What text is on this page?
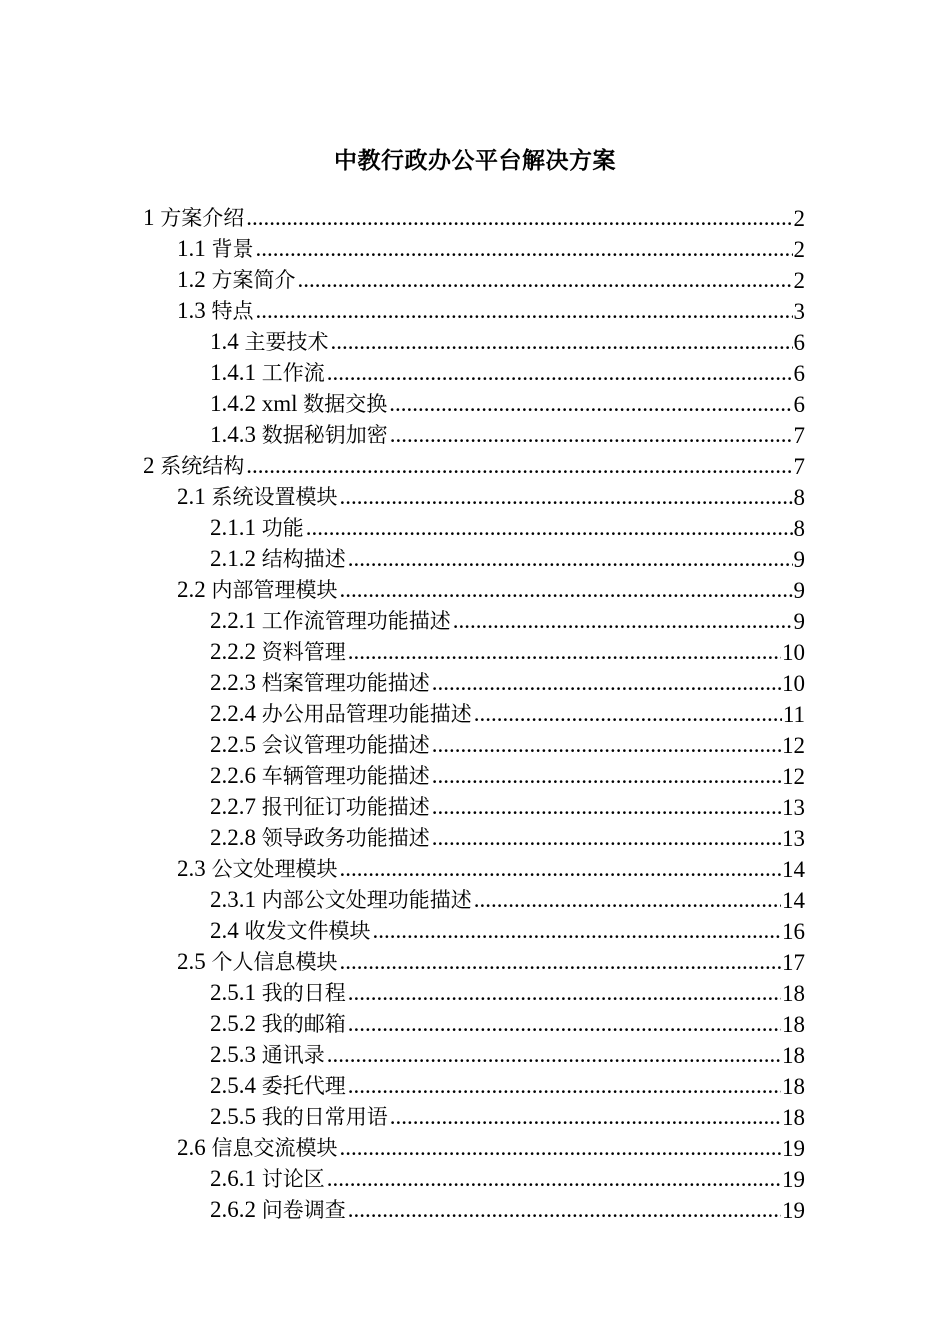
中教行政办公平台解决方案
1 方案介绍 .....	2
1.1 背景 .....	2
1.2 方案简介 .....	2
1.3 特点 .....	3
1.4 主要技术 .....	6
1.4.1 工作流 .....	6
1.4.2 xml 数据交换 .....	6
1.4.3 数据秘钥加密 .....	7
2 系统结构 .....	7
2.1 系统设置模块 .....	8
2.1.1 功能 .....	8
2.1.2 结构描述 .....	9
2.2 内部管理模块 .....	9
2.2.1 工作流管理功能描述 .....	9
2.2.2 资料管理 .....	10
2.2.3 档案管理功能描述 .....	10
2.2.4 办公用品管理功能描述 .....	11
2.2.5 会议管理功能描述 .....	12
2.2.6 车辆管理功能描述 .....	12
2.2.7 报刊征订功能描述 .....	13
2.2.8 领导政务功能描述 .....	13
2.3 公文处理模块 .....	14
2.3.1 内部公文处理功能描述 .....	14
2.4 收发文件模块 .....	16
2.5 个人信息模块 .....	17
2.5.1 我的日程 .....	18
2.5.2 我的邮箱 .....	18
2.5.3 通讯录 .....	18
2.5.4 委托代理 .....	18
2.5.5 我的日常用语 .....	18
2.6 信息交流模块 .....	19
2.6.1 讨论区 .....	19
2.6.2 问卷调查 .....	19
